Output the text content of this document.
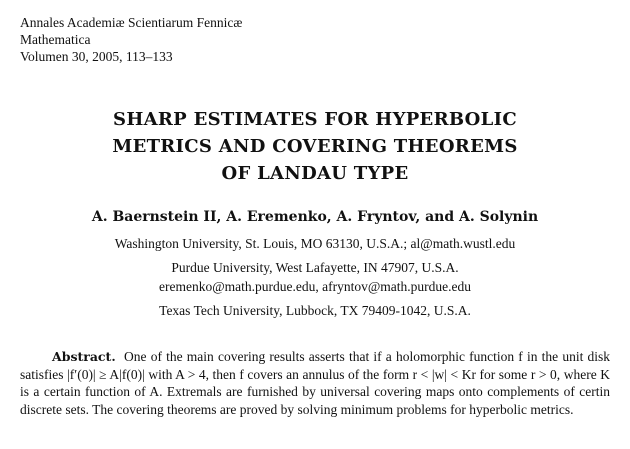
Annales Academiæ Scientiarum Fennicæ
Mathematica
Volumen 30, 2005, 113–133
SHARP ESTIMATES FOR HYPERBOLIC
METRICS AND COVERING THEOREMS
OF LANDAU TYPE
A. Baernstein II, A. Eremenko, A. Fryntov, and A. Solynin
Washington University, St. Louis, MO 63130, U.S.A.; al@math.wustl.edu
Purdue University, West Lafayette, IN 47907, U.S.A.
eremenko@math.purdue.edu, afryntov@math.purdue.edu
Texas Tech University, Lubbock, TX 79409-1042, U.S.A.

Abstract. One of the main covering results asserts that if a holomorphic function f in the unit disk satisfies |f′(0)| ≥ A|f(0)| with A > 4, then f covers an annulus of the form r < |w| < Kr for some r > 0, where K is a certain function of A. Extremals are furnished by universal covering maps onto complements of certin discrete sets. The covering theorems are proved by solving minimum problems for hyperbolic metrics.
